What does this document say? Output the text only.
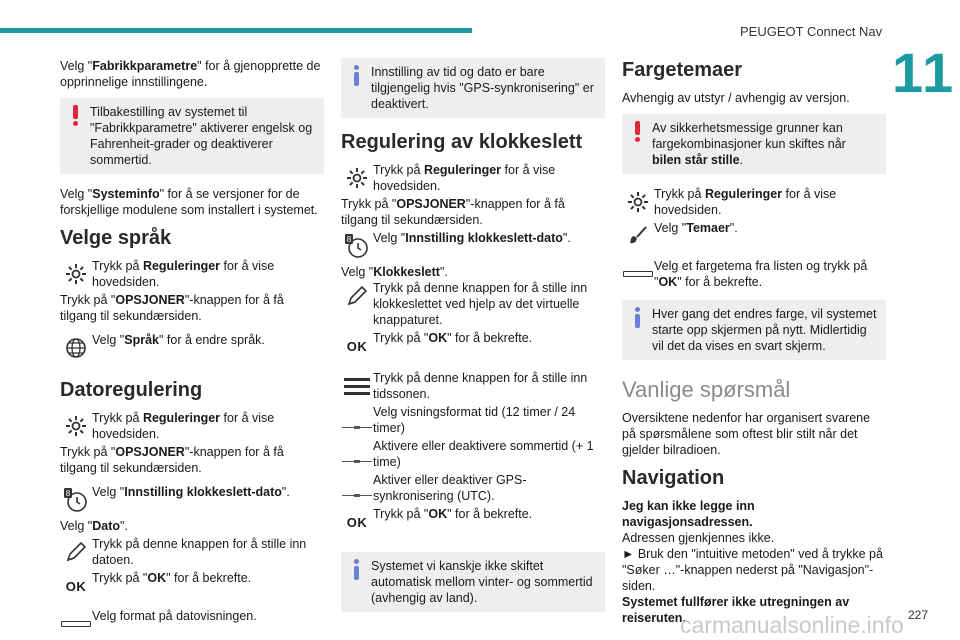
PEUGEOT Connect Nav
11

Velg "Fabrikkparametre" for å gjenopprette de opprinnelige innstillingene.

Tilbakestilling av systemet til "Fabrikkparametre" aktiverer engelsk og Fahrenheit-grader og deaktiverer sommertid.

Velg "Systeminfo" for å se versjoner for de forskjellige modulene som installert i systemet.

Velge språk
Trykk på Reguleringer for å vise hovedsiden.

Trykk på "OPSJONER"-knappen for å få tilgang til sekundærsiden.

Velg "Språk" for å endre språk.
Datoregulering
Trykk på Reguleringer for å vise hovedsiden.

Trykk på "OPSJONER"-knappen for å få tilgang til sekundærsiden.

8 Velg "Innstilling klokkeslett-dato".

Velg "Dato".

Trykk på denne knappen for å stille inn datoen.
OK
Trykk på "OK" for å bekrefte.
Velg format på datovisningen.
Innstilling av tid og dato er bare tilgjengelig hvis "GPS-synkronisering" er deaktivert.
Regulering av klokkeslett
Trykk på Reguleringer for å vise hovedsiden.

Trykk på "OPSJONER"-knappen for å få tilgang til sekundærsiden.

8 Velg "Innstilling klokkeslett-dato".

Velg "Klokkeslett".

Trykk på denne knappen for å stille inn klokkeslettet ved hjelp av det virtuelle knappaturet.
OK
Trykk på "OK" for å bekrefte.
Trykk på denne knappen for å stille inn tidssonen.
Velg visningsformat tid (12 timer / 24 timer)
Aktivere eller deaktivere sommertid (+ 1 time)
Aktiver eller deaktiver GPS-synkronisering (UTC).
OK
Trykk på "OK" for å bekrefte.
Systemet vi kanskje ikke skiftet automatisk mellom vinter- og sommertid (avhengig av land).
Fargetemaer

Avhengig av utstyr / avhengig av versjon.

Av sikkerhetsmessige grunner kan fargekombinasjoner kun skiftes når bilen står stille.
Trykk på Reguleringer for å vise hovedsiden.
Velg "Temaer".
Velg et fargetema fra listen og trykk på "OK" for å bekrefte.
Hver gang det endres farge, vil systemet starte opp skjermen på nytt. Midlertidig vil det da vises en svart skjerm.
Vanlige spørsmål

Oversiktene nedenfor har organisert svarene på spørsmålene som oftest blir stilt når det gjelder bilradioen.

Navigation

Jeg kan ikke legge inn navigasjonsadressen.

Adressen gjenkjennes ikke.

► Bruk den "intuitive metoden" ved å trykke på "Søker …"-knappen nederst på "Navigasjon"-siden.

Systemet fullfører ikke utregningen av reiseruten.	227
carmanualsonline.info
